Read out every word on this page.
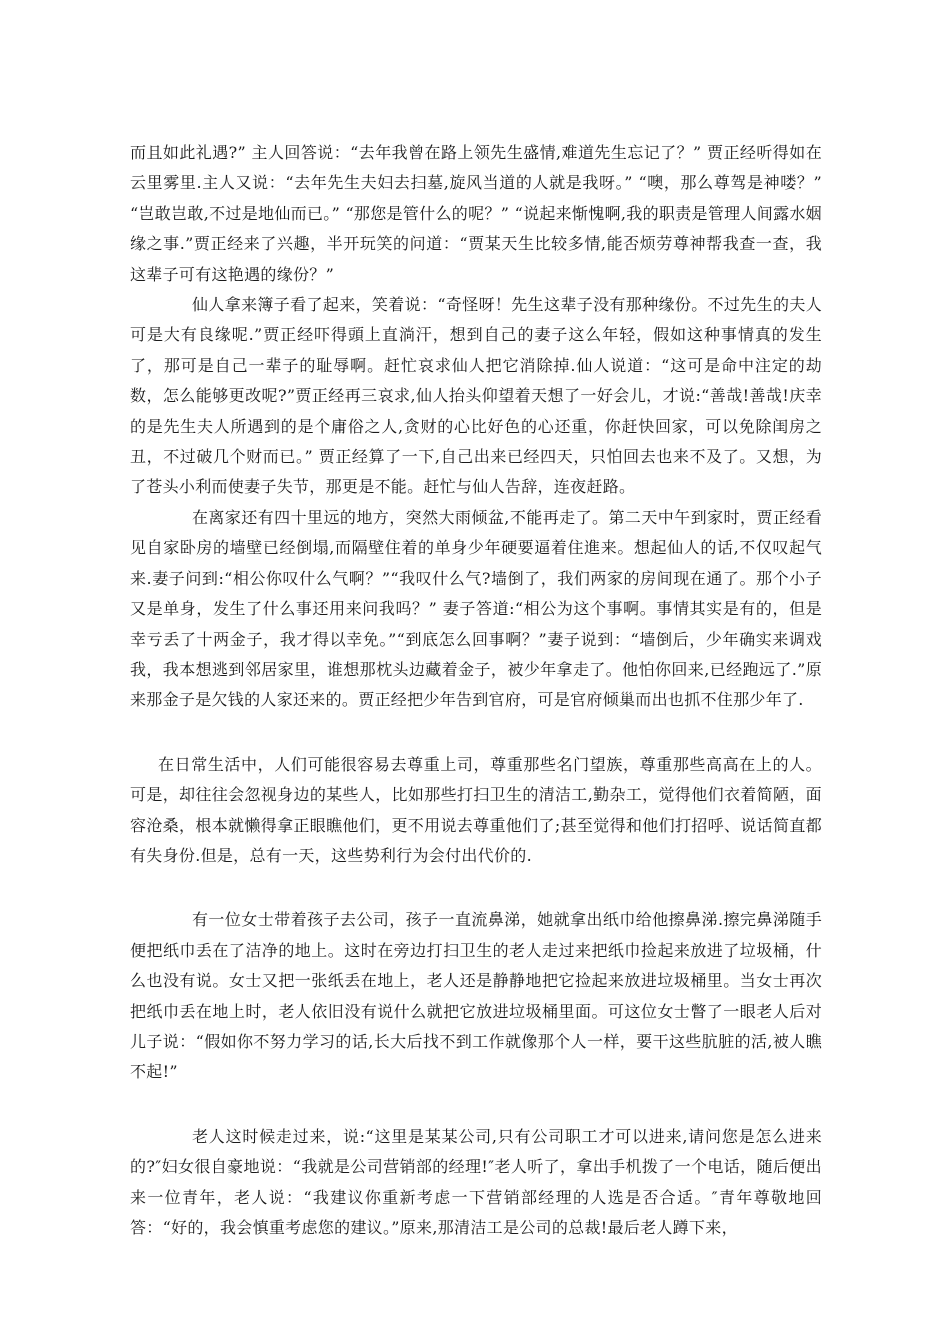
而且如此礼遇?” 主人回答说：“去年我曾在路上领先生盛情,难道先生忘记了？” 贾正经听得如在云里雾里.主人又说：“去年先生夫妇去扫墓,旋风当道的人就是我呀。” “噢，那么尊驾是神喽？” “岂敢岂敢,不过是地仙而已。” “那您是管什么的呢？” “说起来惭愧啊,我的职责是管理人间露水姻缘之事.”贾正经来了兴趣，半开玩笑的问道：“贾某天生比较多情,能否烦劳尊神帮我查一查，我这辈子可有这艳遇的缘份？”

仙人拿来簿子看了起来，笑着说：“奇怪呀！先生这辈子没有那种缘份。不过先生的夫人可是大有良缘呢.”贾正经吓得頭上直淌汗，想到自己的妻子这么年轻，假如这种事情真的发生了，那可是自己一辈子的耻辱啊。赶忙哀求仙人把它消除掉.仙人说道：“这可是命中注定的劫数，怎么能够更改呢?”贾正经再三哀求,仙人抬头仰望着天想了一好会儿，才说:“善哉!善哉!庆幸的是先生夫人所遇到的是个庸俗之人,贪财的心比好色的心还重，你赶快回家，可以免除闺房之丑，不过破几个财而已。” 贾正经算了一下,自己出来已经四天，只怕回去也来不及了。又想，为了苍头小利而使妻子失节，那更是不能。赶忙与仙人告辞，连夜赶路。

在离家还有四十里远的地方，突然大雨倾盆,不能再走了。第二天中午到家时，贾正经看见自家卧房的墙壁已经倒塌,而隔壁住着的单身少年硬要逼着住進来。想起仙人的话,不仅叹起气来.妻子问到:“相公你叹什么气啊？”“我叹什么气?墙倒了，我们两家的房间现在通了。那个小子又是单身，发生了什么事还用来问我吗？” 妻子答道:“相公为这个事啊。事情其实是有的，但是幸亏丢了十两金子，我才得以幸免。”“到底怎么回事啊？”妻子说到：“墙倒后，少年确实来调戏我，我本想逃到邻居家里，谁想那枕头边藏着金子，被少年拿走了。他怕你回来,已经跑远了.”原来那金子是欠钱的人家还来的。贾正经把少年告到官府，可是官府倾巢而出也抓不住那少年了.

在日常生活中，人们可能很容易去尊重上司，尊重那些名门望族，尊重那些高高在上的人。可是，却往往会忽视身边的某些人，比如那些打扫卫生的清洁工,勤杂工，觉得他们衣着简陋，面容沧桑，根本就懒得拿正眼瞧他们，更不用说去尊重他们了;甚至觉得和他们打招呼、说话简直都有失身份.但是，总有一天，这些势利行为会付出代价的.

有一位女士带着孩子去公司，孩子一直流鼻涕，她就拿出纸巾给他擦鼻涕.擦完鼻涕随手便把纸巾丢在了洁净的地上。这时在旁边打扫卫生的老人走过来把纸巾捡起来放进了垃圾桶，什么也没有说。女士又把一张纸丢在地上，老人还是静静地把它捡起来放进垃圾桶里。当女士再次把纸巾丢在地上时，老人依旧没有说什么就把它放进垃圾桶里面。可这位女士瞥了一眼老人后对儿子说：“假如你不努力学习的话,长大后找不到工作就像那个人一样，要干这些肮脏的活,被人瞧不起!”

老人这时候走过来，说:“这里是某某公司,只有公司职工才可以进来,请问您是怎么进来的?″妇女很自豪地说：“我就是公司营销部的经理!″老人听了，拿出手机拨了一个电话，随后便出来一位青年，老人说：“我建议你重新考虑一下营销部经理的人选是否合适。″青年尊敬地回答：“好的，我会慎重考虑您的建议。”原来,那清洁工是公司的总裁!最后老人蹲下来，
